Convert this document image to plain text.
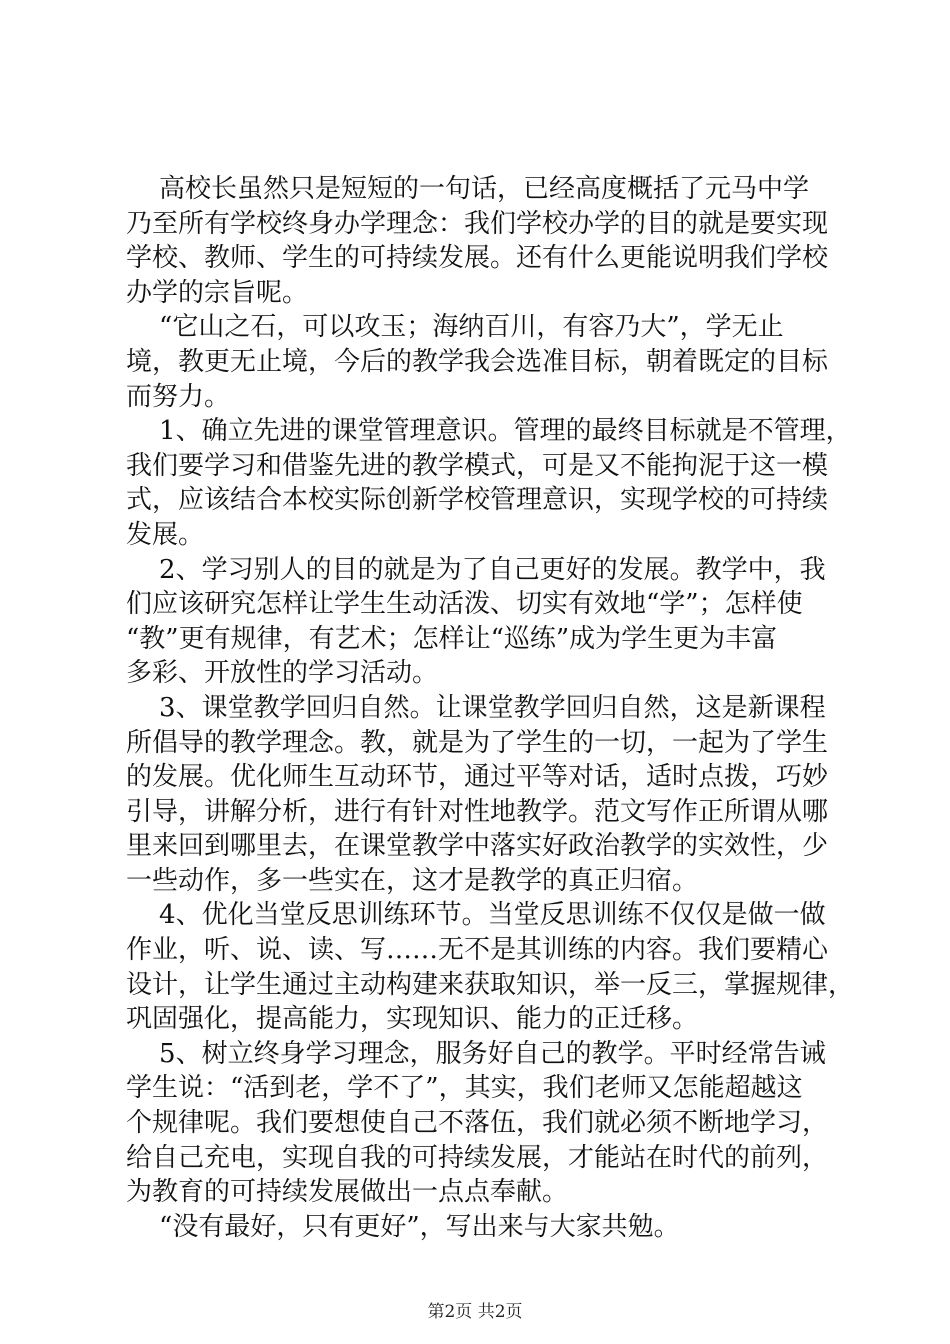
高校长虽然只是短短的一句话，已经高度概括了元马中学
乃至所有学校终身办学理念：我们学校办学的目的就是要实现
学校、教师、学生的可持续发展。还有什么更能说明我们学校
办学的宗旨呢。
“它山之石，可以攻玉；海纳百川，有容乃大”，学无止
境，教更无止境，今后的教学我会选准目标，朝着既定的目标
而努力。
1、确立先进的课堂管理意识。管理的最终目标就是不管理，
我们要学习和借鉴先进的教学模式，可是又不能拘泥于这一模
式，应该结合本校实际创新学校管理意识，实现学校的可持续
发展。
2、学习别人的目的就是为了自己更好的发展。教学中，我
们应该研究怎样让学生生动活泼、切实有效地“学”；怎样使
“教”更有规律，有艺术；怎样让“巡练”成为学生更为丰富
多彩、开放性的学习活动。
3、课堂教学回归自然。让课堂教学回归自然，这是新课程
所倡导的教学理念。教，就是为了学生的一切，一起为了学生
的发展。优化师生互动环节，通过平等对话，适时点拨，巧妙
引导，讲解分析，进行有针对性地教学。范文写作正所谓从哪
里来回到哪里去，在课堂教学中落实好政治教学的实效性，少
一些动作，多一些实在，这才是教学的真正归宿。
4、优化当堂反思训练环节。当堂反思训练不仅仅是做一做
作业，听、说、读、写……无不是其训练的内容。我们要精心
设计，让学生通过主动构建来获取知识，举一反三，掌握规律，
巩固强化，提高能力，实现知识、能力的正迁移。
5、树立终身学习理念，服务好自己的教学。平时经常告诫
学生说：“活到老，学不了”，其实，我们老师又怎能超越这
个规律呢。我们要想使自己不落伍，我们就必须不断地学习，
给自己充电，实现自我的可持续发展，才能站在时代的前列，
为教育的可持续发展做出一点点奉献。
“没有最好，只有更好”，写出来与大家共勉。
第2页 共2页
